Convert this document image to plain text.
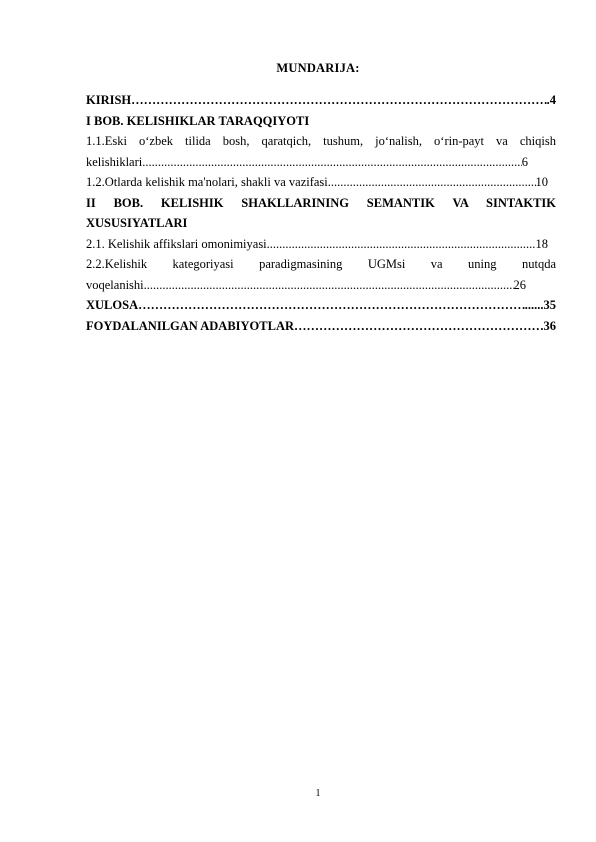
MUNDARIJA:
KIRISH ………………………………………………………………………………………………………………………………………………………………………………………………………………	.4
I BOB. KELISHIKLAR TARAQQIYOTI
1.1.Eski o‘zbek tilida bosh, qaratqich, tushum, jo‘nalish, o‘rin-payt va chiqish
kelishiklari .....	6
1.2.Otlarda kelishik ma'nolari, shakli va vazifasi .....	10
II BOB. KELISHIK SHAKLLARINING SEMANTIK VA SINTAKTIK
XUSUSIYATLARI
2.1. Kelishik affikslari omonimiyasi .....	18
2.2.Kelishik kategoriyasi paradigmasining UGMsi va uning nutqda
voqelanishi .....	26
XULOSA ………………………………………………………………………………………………………………………………………………………………………………………………………………	......35
FOYDALANILGAN ADABIYOTLAR ………………………………………………………………………………………………………………………………………………………………………………………………………………	.36
1
